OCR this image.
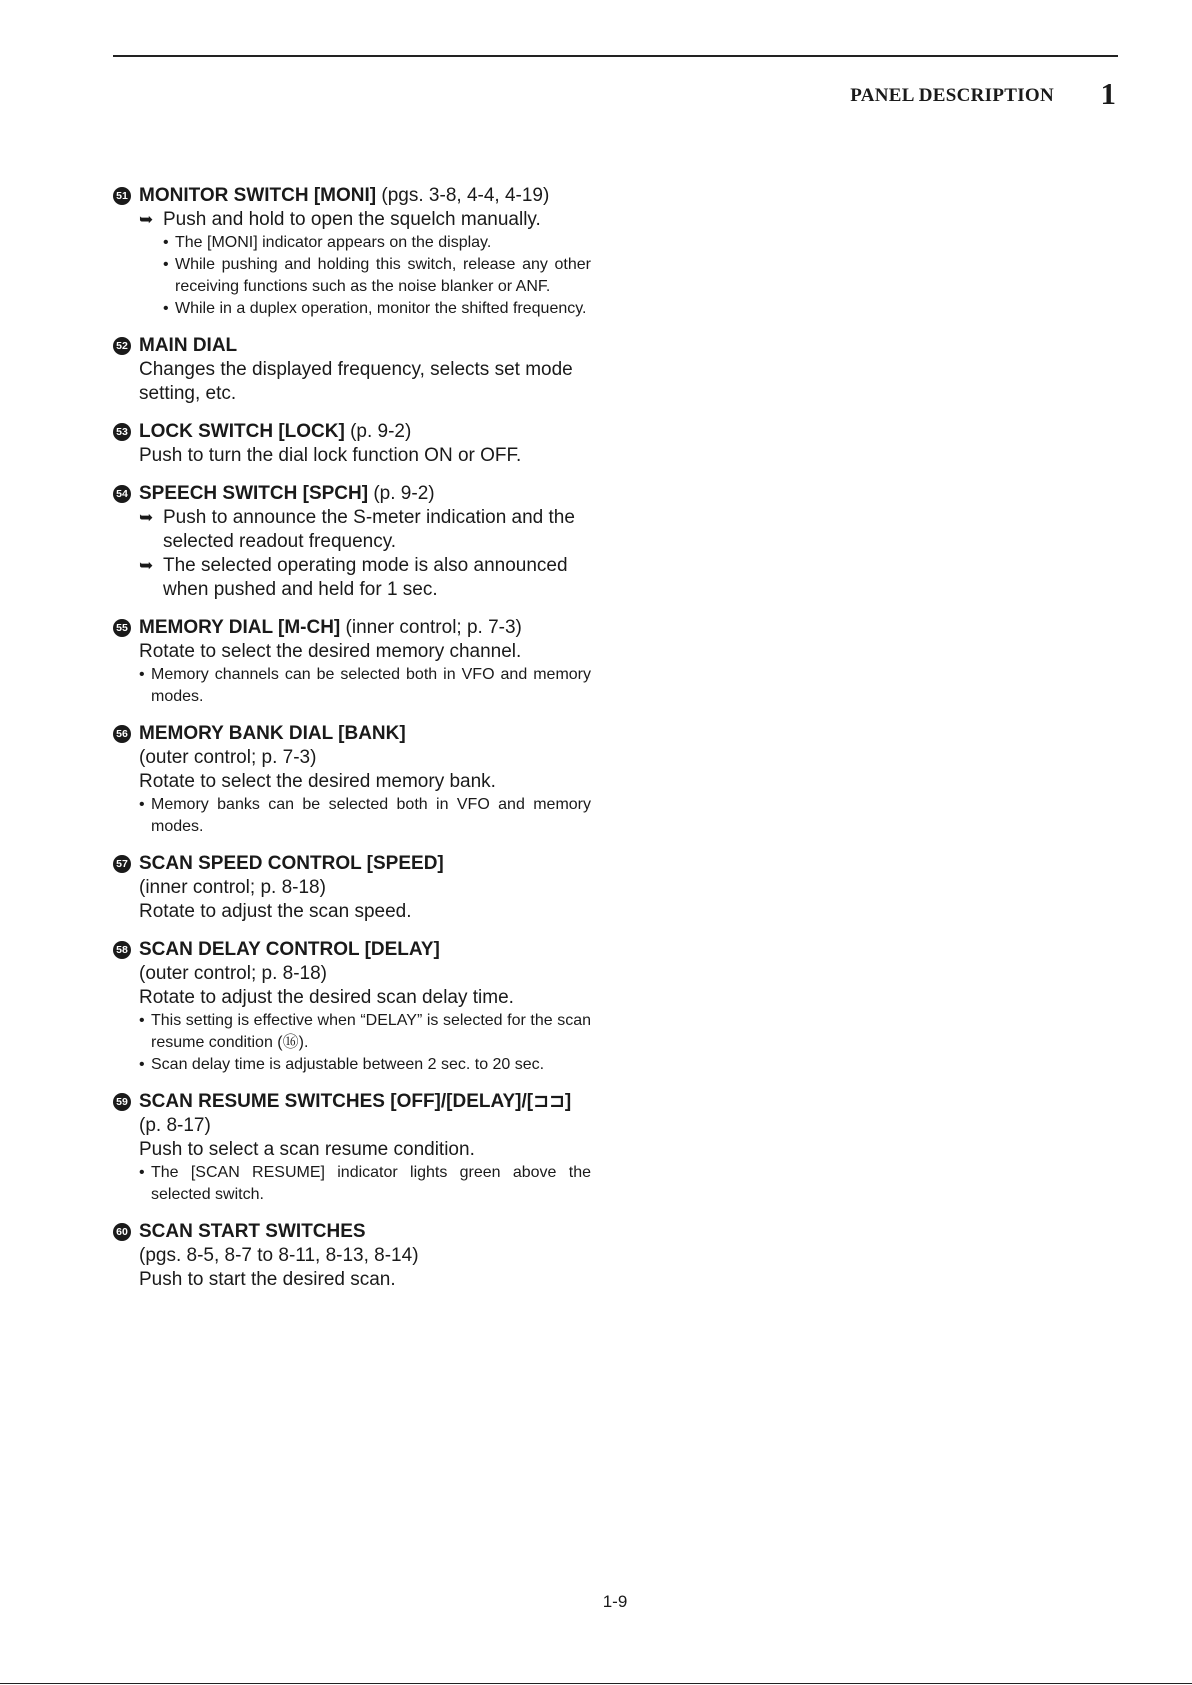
PANEL DESCRIPTION 1
51 MONITOR SWITCH [MONI] (pgs. 3-8, 4-4, 4-19)
➥ Push and hold to open the squelch manually.
• The [MONI] indicator appears on the display.
• While pushing and holding this switch, release any other receiving functions such as the noise blanker or ANF.
• While in a duplex operation, monitor the shifted frequency.
52 MAIN DIAL
Changes the displayed frequency, selects set mode setting, etc.
53 LOCK SWITCH [LOCK] (p. 9-2)
Push to turn the dial lock function ON or OFF.
54 SPEECH SWITCH [SPCH] (p. 9-2)
➥ Push to announce the S-meter indication and the selected readout frequency.
➥ The selected operating mode is also announced when pushed and held for 1 sec.
55 MEMORY DIAL [M-CH] (inner control; p. 7-3)
Rotate to select the desired memory channel.
• Memory channels can be selected both in VFO and memory modes.
56 MEMORY BANK DIAL [BANK]
(outer control; p. 7-3)
Rotate to select the desired memory bank.
• Memory banks can be selected both in VFO and memory modes.
57 SCAN SPEED CONTROL [SPEED]
(inner control; p. 8-18)
Rotate to adjust the scan speed.
58 SCAN DELAY CONTROL [DELAY]
(outer control; p. 8-18)
Rotate to adjust the desired scan delay time.
• This setting is effective when “DELAY” is selected for the scan resume condition (⑯).
• Scan delay time is adjustable between 2 sec. to 20 sec.
59 SCAN RESUME SWITCHES [OFF]/[DELAY]/[⊐⊐]
(p. 8-17)
Push to select a scan resume condition.
• The [SCAN RESUME] indicator lights green above the selected switch.
60 SCAN START SWITCHES
(pgs. 8-5, 8-7 to 8-11, 8-13, 8-14)
Push to start the desired scan.
1-9
